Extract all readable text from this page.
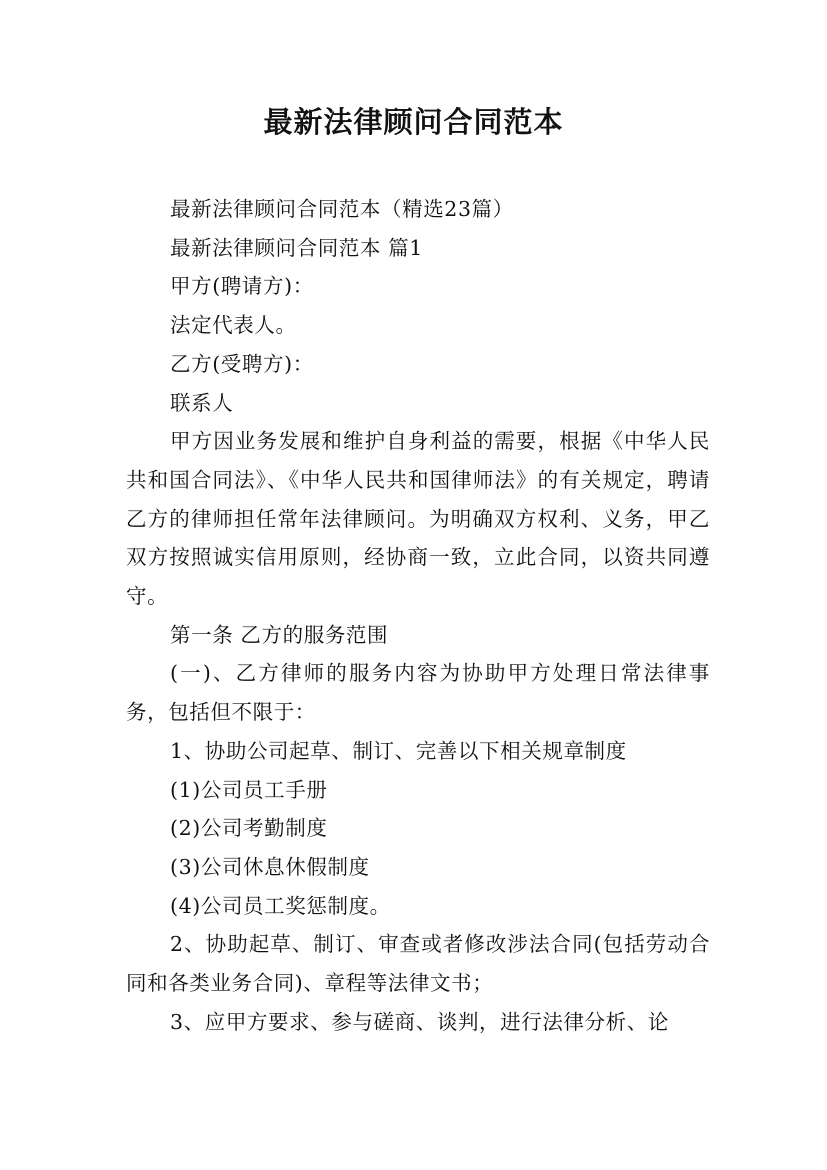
最新法律顾问合同范本

最新法律顾问合同范本（精选23篇）

最新法律顾问合同范本 篇1

甲方(聘请方)：

法定代表人。

乙方(受聘方)：

联系人

甲方因业务发展和维护自身利益的需要，根据《中华人民共和国合同法》、《中华人民共和国律师法》的有关规定，聘请乙方的律师担任常年法律顾问。为明确双方权利、义务，甲乙双方按照诚实信用原则，经协商一致，立此合同，以资共同遵守。

第一条 乙方的服务范围

(一)、乙方律师的服务内容为协助甲方处理日常法律事务，包括但不限于：

1、协助公司起草、制订、完善以下相关规章制度

(1)公司员工手册

(2)公司考勤制度

(3)公司休息休假制度

(4)公司员工奖惩制度。

2、协助起草、制订、审查或者修改涉法合同(包括劳动合同和各类业务合同)、章程等法律文书；

3、应甲方要求、参与磋商、谈判，进行法律分析、论
